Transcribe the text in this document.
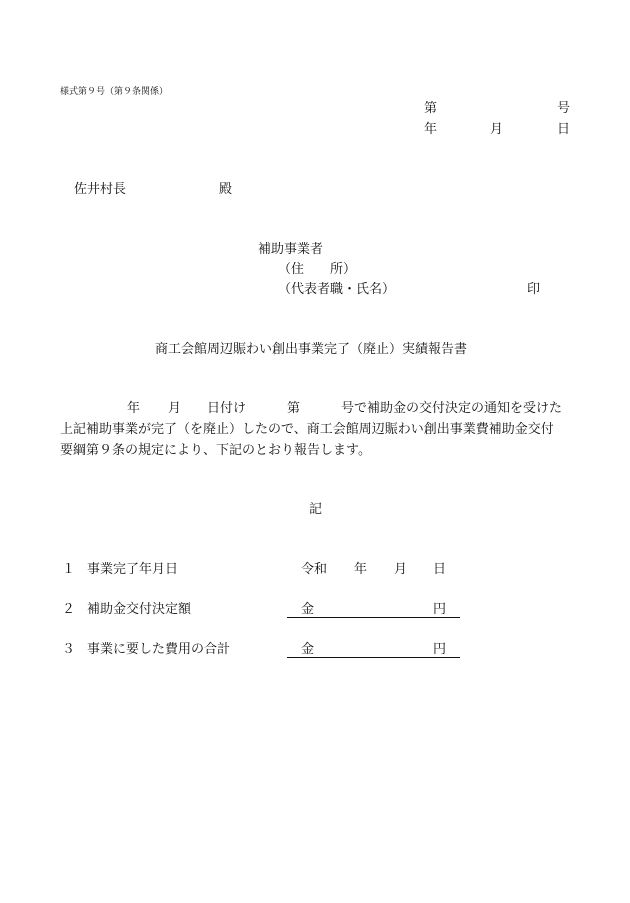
様式第９号（第９条関係）
第	号
年	月	日
佐井村長	殿
補助事業者
（住　　所）
（代表者職・氏名）	印
商工会館周辺賑わい創出事業完了（廃止）実績報告書
年 月 日付け	第	号で補助金の交付決定の通知を受けた
上記補助事業が完了（を廃止）したので、商工会館周辺賑わい創出事業費補助金交付
要綱第９条の規定により、下記のとおり報告します。
記
１ 事業完了年月日	令和 年 月 日
２ 補助金交付決定額	金	円
３ 事業に要した費用の合計	金	円
